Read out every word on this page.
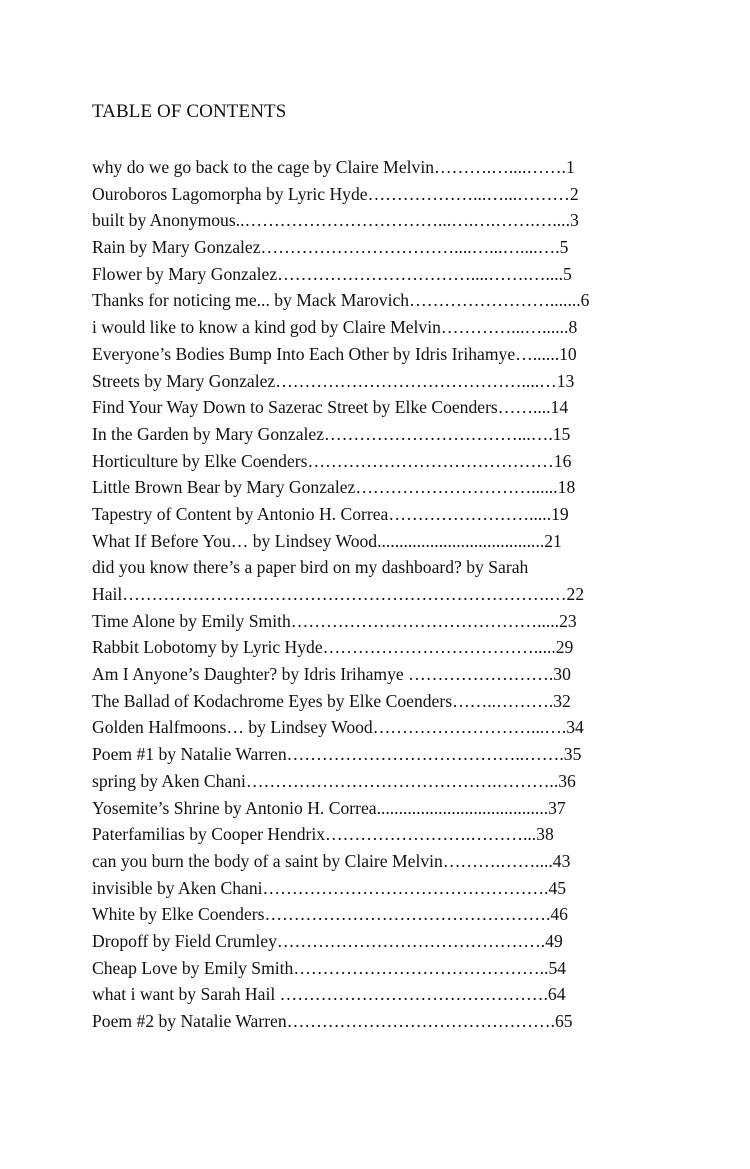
TABLE OF CONTENTS
why do we go back to the cage by Claire Melvin……….…....…….1
Ouroboros Lagomorpha by Lyric Hyde………………...…...………2
built by Anonymous..……………………………...….….…….…....3
Rain by Mary Gonzalez……………………………....…...…....….5
Flower by Mary Gonzalez……………………………....…….…....5
Thanks for noticing me... by Mack Marovich…………………….......6
i would like to know a kind god by Claire Melvin…………...…......8
Everyone’s Bodies Bump Into Each Other by Idris Irihamye…......10
Streets by Mary Gonzalez……………………………………....…13
Find Your Way Down to Sazerac Street by Elke Coenders……....14
In the Garden by Mary Gonzalez……………………………...….15
Horticulture by Elke Coenders……………………………………16
Little Brown Bear by Mary Gonzalez…………………………......18
Tapestry of Content by Antonio H. Correa…………………….....19
What If Before You… by Lindsey Wood......................................21
did you know there’s a paper bird on my dashboard? by Sarah
Hail……………………………………………………………….…22
Time Alone by Emily Smith…………………………………….....23
Rabbit Lobotomy by Lyric Hyde……………………………….....29
Am I Anyone’s Daughter? by Idris Irihamye …………………….30
The Ballad of Kodachrome Eyes by Elke Coenders……..……….32
Golden Halfmoons… by Lindsey Wood………………………...….34
Poem #1 by Natalie Warren…………………………………..…….35
spring by Aken Chani…………………………………….………..36
Yosemite’s Shrine by Antonio H. Correa.......................................37
Paterfamilias by Cooper Hendrix…………………….………...38
can you burn the body of a saint by Claire Melvin……….……....43
invisible by Aken Chani………………………………………….45
White by Elke Coenders………………………………………….46
Dropoff by Field Crumley……………………………………….49
Cheap Love by Emily Smith……………………………………..54
what i want by Sarah Hail ……………………………………….64
Poem #2 by Natalie Warren……………………………………….65
